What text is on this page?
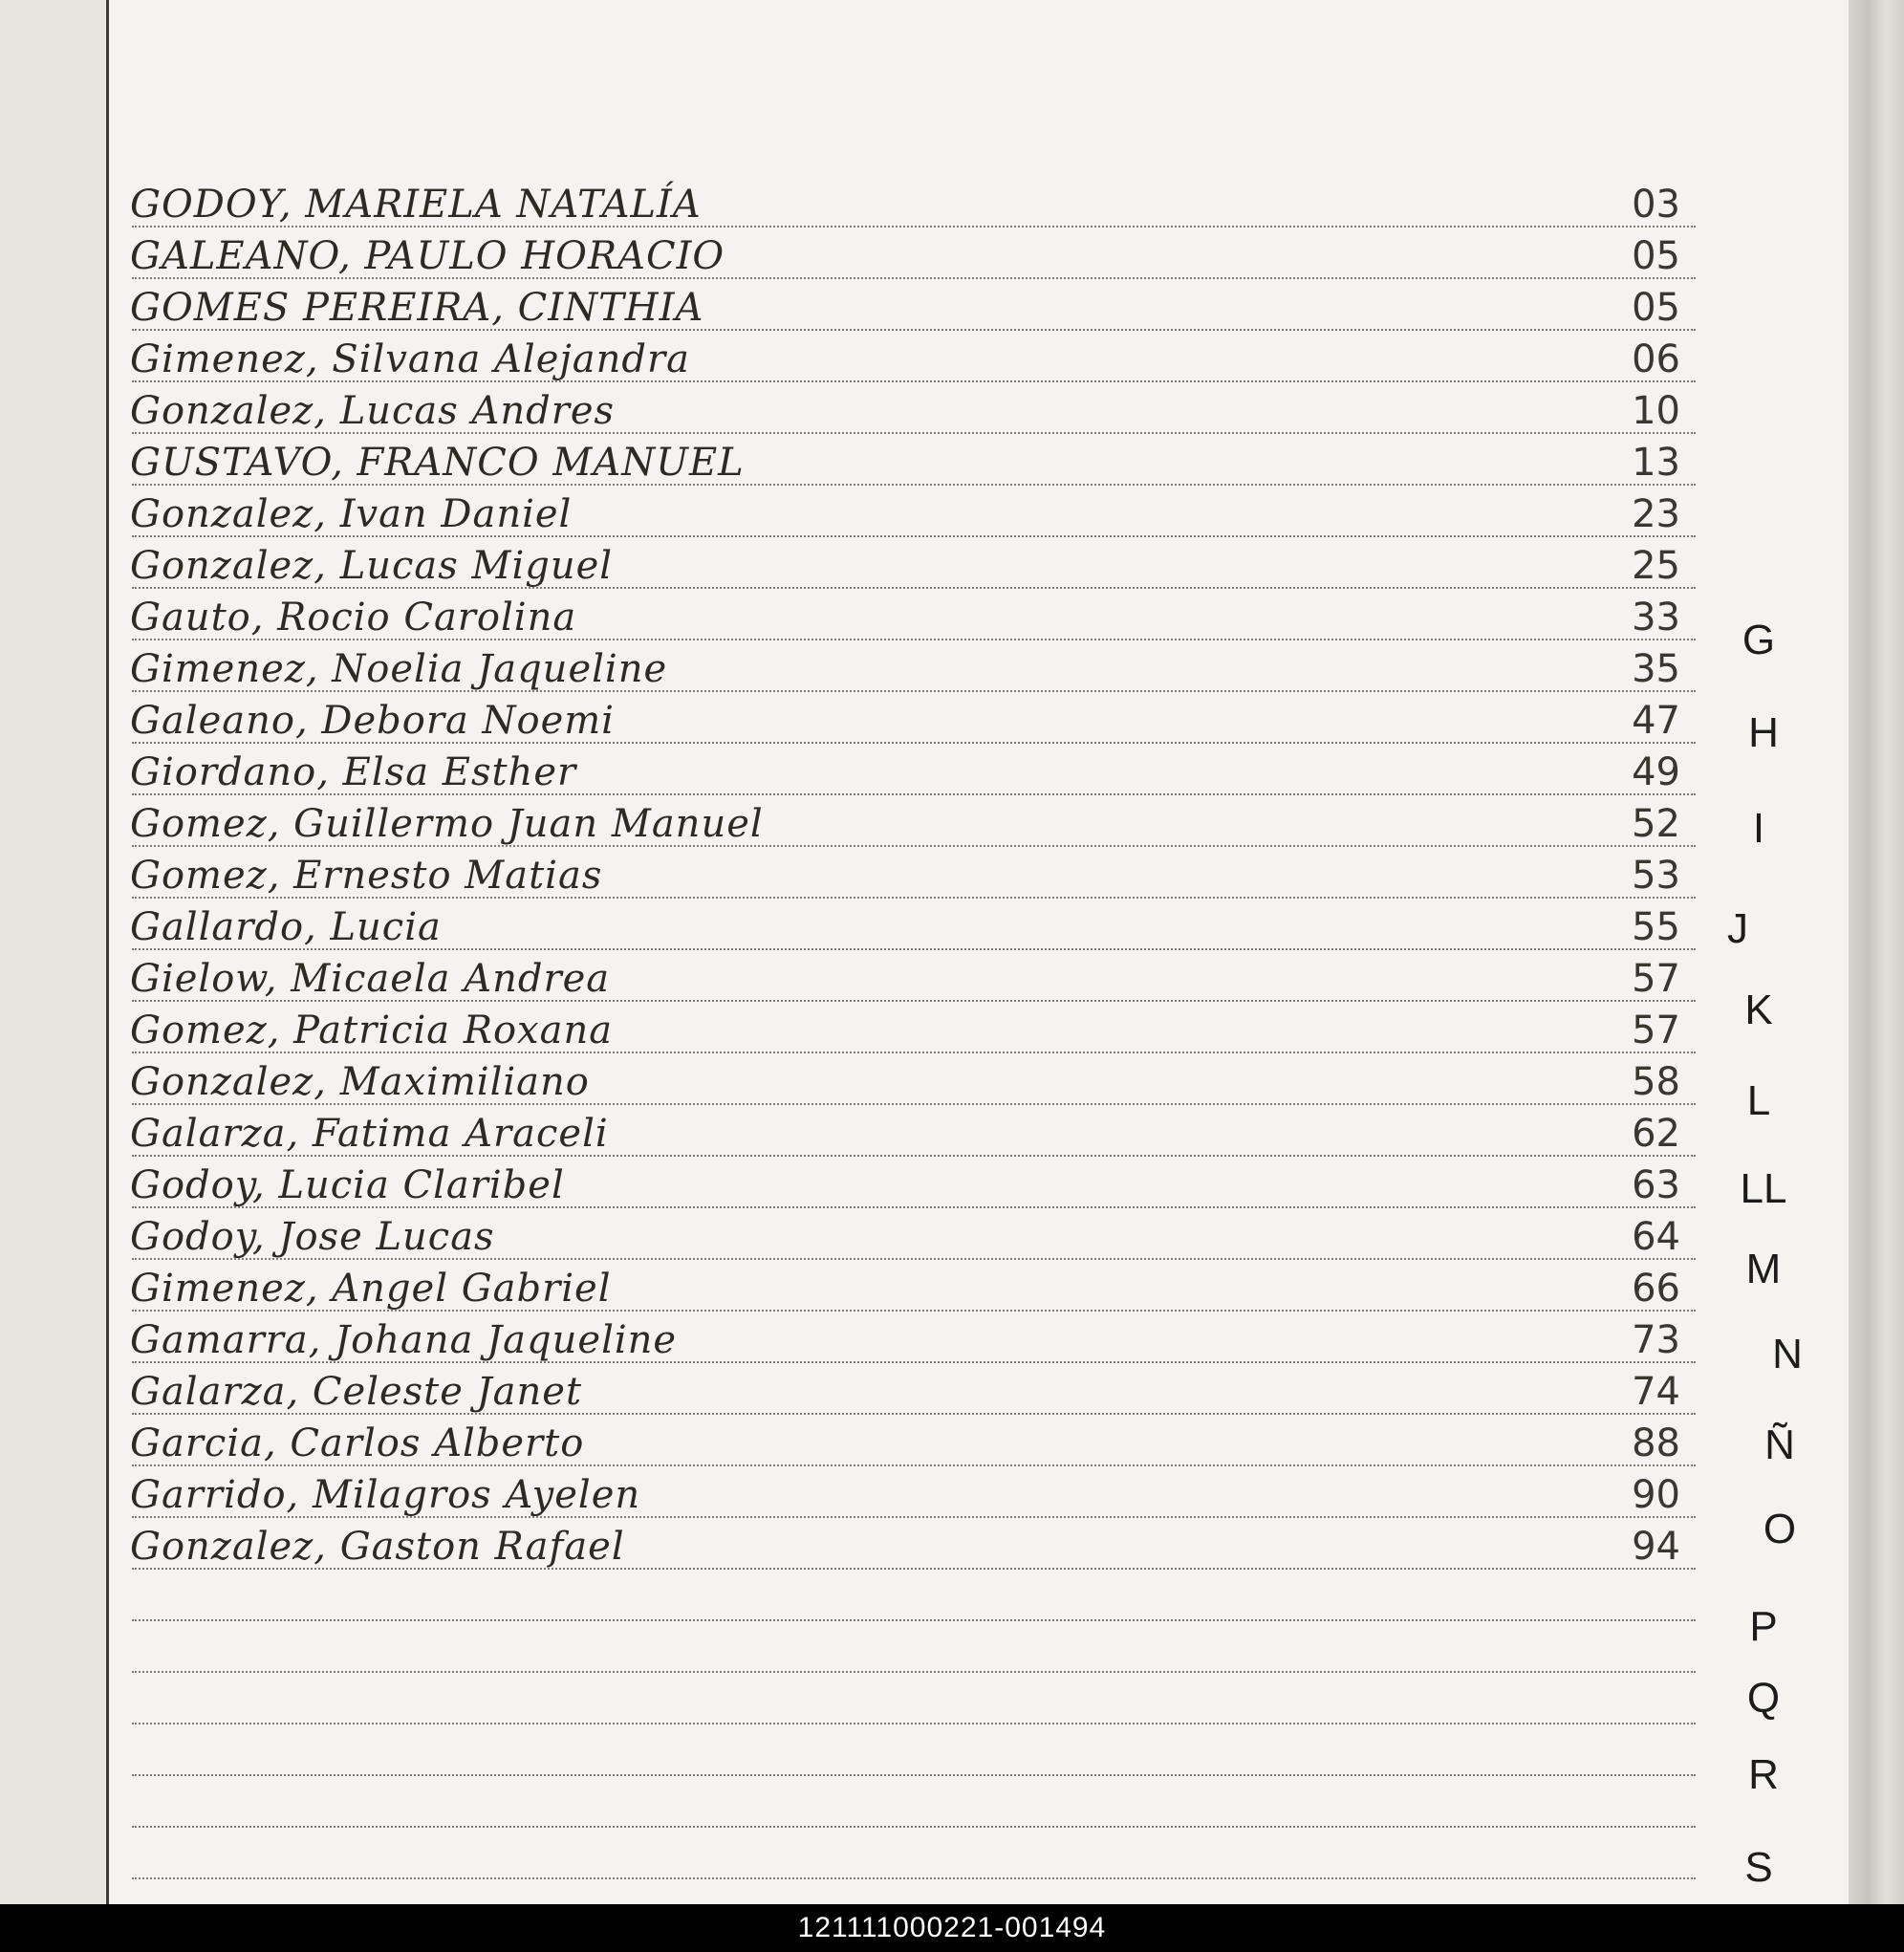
GODOY, MARIELA NATALÍA	03
GALEANO, PAULO HORACIO	05
GOMES PEREIRA, CINTHIA	05
Gimenez, Silvana Alejandra	06
Gonzalez, Lucas Andres	10
GUSTAVO, FRANCO MANUEL	13
Gonzalez, Ivan Daniel	23
Gonzalez, Lucas Miguel	25
Gauto, Rocio Carolina	33
Gimenez, Noelia Jaqueline	35
Galeano, Debora Noemi	47
Giordano, Elsa Esther	49
Gomez, Guillermo Juan Manuel	52
Gomez, Ernesto Matias	53
Gallardo, Lucia	55
Gielow, Micaela Andrea	57
Gomez, Patricia Roxana	57
Gonzalez, Maximiliano	58
Galarza, Fatima Araceli	62
Godoy, Lucia Claribel	63
Godoy, Jose Lucas	64
Gimenez, Angel Gabriel	66
Gamarra, Johana Jaqueline	73
Galarza, Celeste Janet	74
Garcia, Carlos Alberto	88
Garrido, Milagros Ayelen	90
Gonzalez, Gaston Rafael	94
G
H
I
J
K
L
LL
M
N
Ñ
O
P
Q
R
S
121111000221-001494
